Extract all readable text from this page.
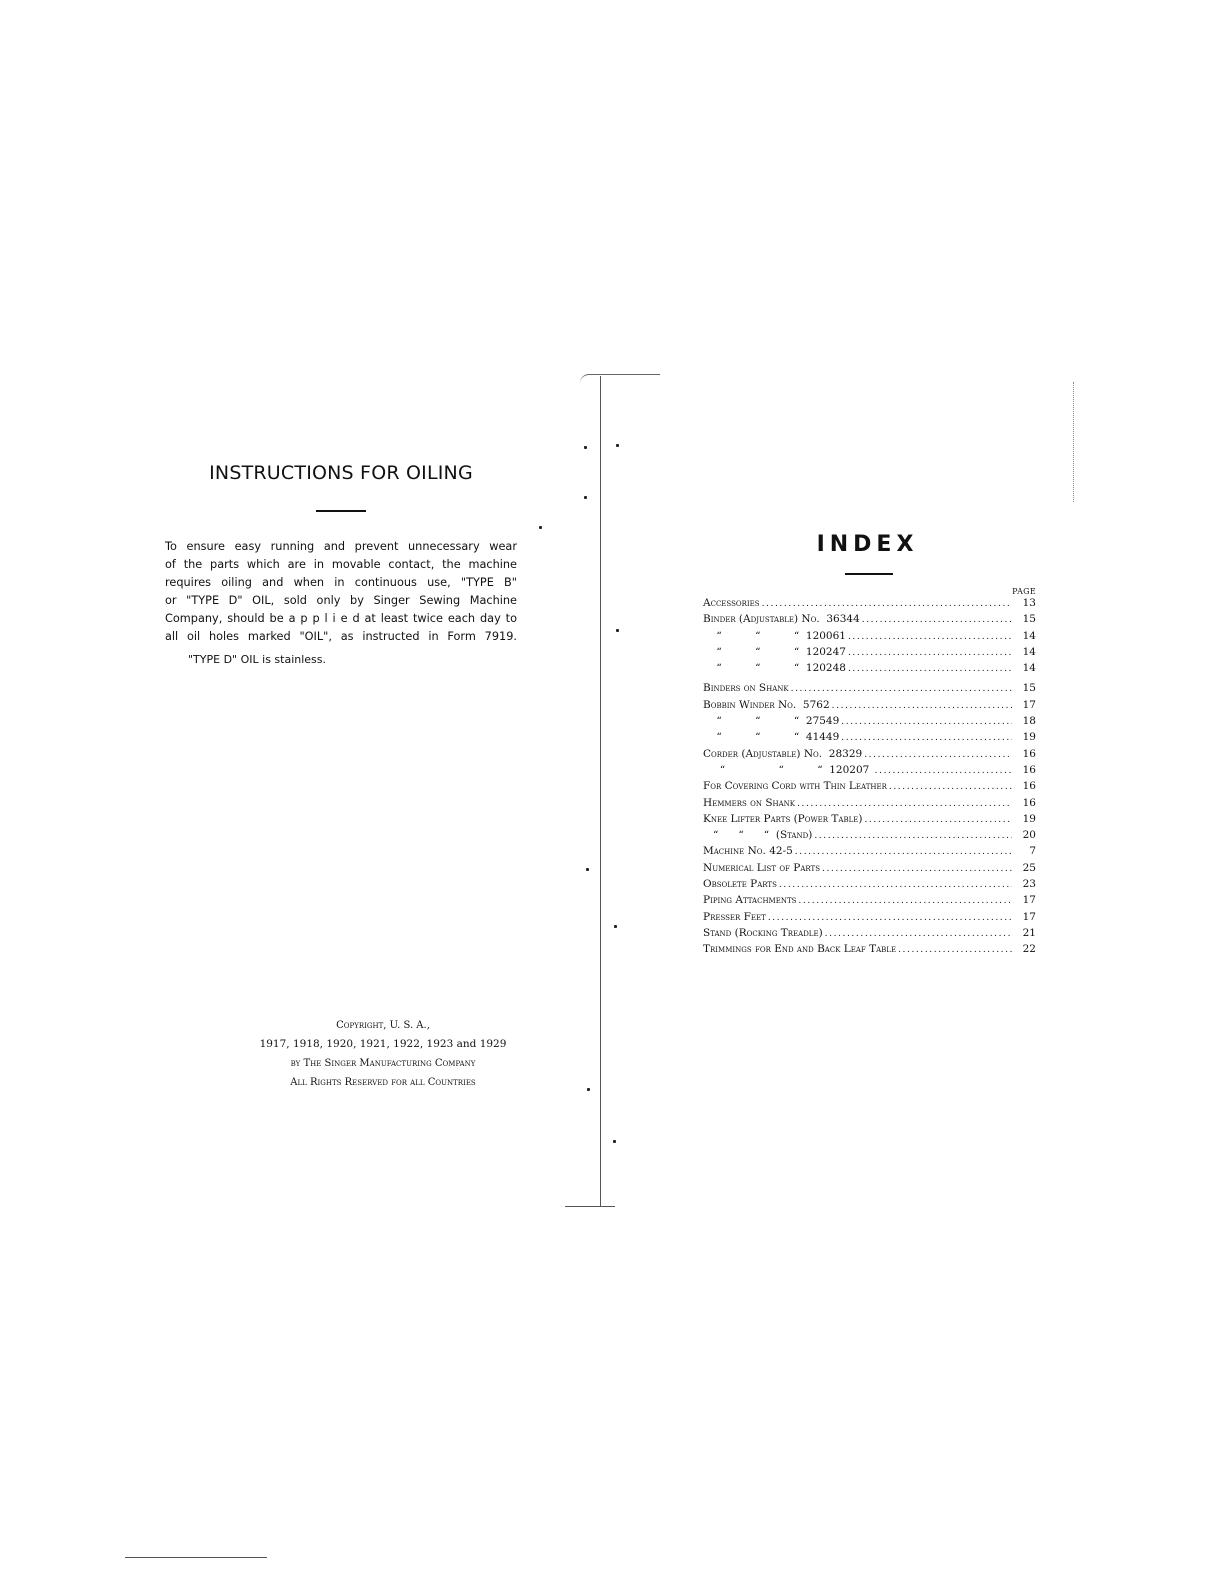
INSTRUCTIONS FOR OILING
To ensure easy running and prevent unnecessary wear
of the parts which are in movable contact, the machine
requires oiling and when in continuous use, "TYPE B"
or "TYPE D" OIL, sold only by Singer Sewing Machine
Company, should be a p p l i e d at least twice each day to
all oil holes marked "OIL", as instructed in Form 7919.
"TYPE D" OIL is stainless.
Copyright, U. S. A.,
1917, 1918, 1920, 1921, 1922, 1923 and 1929
by The Singer Manufacturing Company
All Rights Reserved for all Countries
INDEX
PAGE
Accessories .....	13
Binder (Adjustable) No.  36344 .....	15
“          “          “  120061 .....	14
“          “          “  120247 .....	14
“          “          “  120248 .....	14
Binders on Shank .....	15
Bobbin Winder No.  5762 .....	17
“          “          “  27549 .....	18
“          “          “  41449 .....	19
Corder (Adjustable) No.  28329 .....	16
“                “          “  120207 .....	16
For Covering Cord with Thin Leather .....	16
Hemmers on Shank .....	16
Knee Lifter Parts (Power Table) .....	19
“      “      “  (Stand) .....	20
Machine No. 42-5 .....	7
Numerical List of Parts .....	25
Obsolete Parts .....	23
Piping Attachments .....	17
Presser Feet .....	17
Stand (Rocking Treadle) .....	21
Trimmings for End and Back Leaf Table .....	22
